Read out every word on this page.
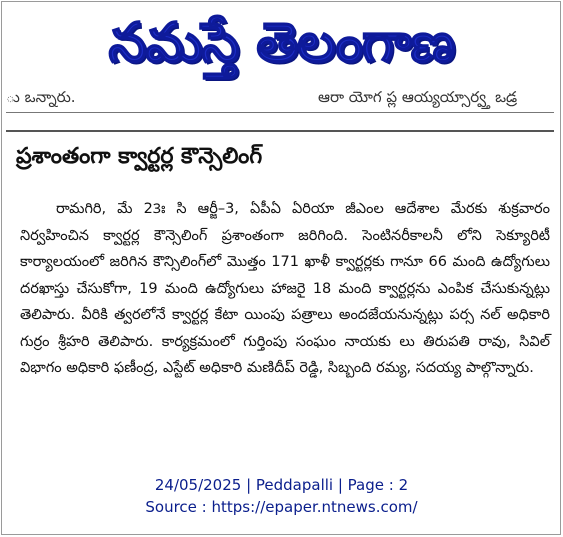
నమస్తే తెలంగాణ
ు ఒన్నారు.	ఆరా యోగ ప్ల ఆయ్యయ్సార్వ్త ఒడ్ర
ప్రశాంతంగా క్వార్టర్ల కౌన్సెలింగ్

రామగిరి, మే 23ః సి ఆర్జీ–3, ఏపీఏ ఏరియా జీఎంల ఆదేశాల మేరకు శుక్రవారం నిర్వహించిన క్వార్టర్ల కౌన్సెలింగ్ ప్రశాంతంగా జరిగింది. సెంటినరీకాలనీ లోని సెక్యూరిటీ కార్యాలయంలో జరిగిన కౌన్సిలింగ్‌లో మొత్తం 171 ఖాళీ క్వార్టర్లకు గానూ 66 మంది ఉద్యోగులు దరఖాస్తు చేసుకోగా, 19 మంది ఉద్యోగులు హాజరై 18 మంది క్వార్టర్లను ఎంపిక చేసుకున్నట్లు తెలిపారు. వీరికి త్వరలోనే క్వార్టర్ల కేటా యింపు పత్రాలు అందజేయనున్నట్లు పర్స నల్ అధికారి గుర్రం శ్రీహరి తెలిపారు. కార్యక్రమంలో గుర్తింపు సంఘం నాయకు లు తిరుపతి రావు, సివిల్ విభాగం అధికారి ఫణీంద్ర, ఎస్టేట్ అధికారి మణిదీప్ రెడ్డి, సిబ్బంది రమ్య, సదయ్య పాల్గొన్నారు.

24/05/2025 | Peddapalli | Page : 2
Source : https://epaper.ntnews.com/
